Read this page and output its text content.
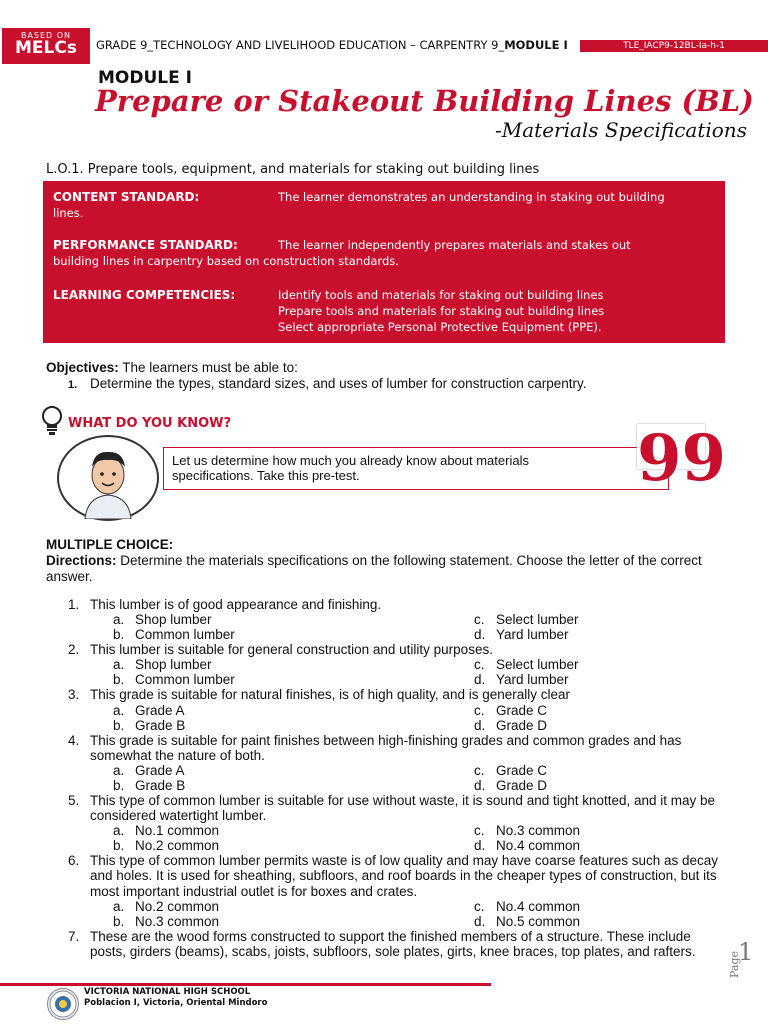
BASED ON
MELCs	GRADE 9_TECHNOLOGY AND LIVELIHOOD EDUCATION – CARPENTRY 9_MODULE I	TLE_IACP9-12BL-Ia-h-1
MODULE I
Prepare or Stakeout Building Lines (BL)
-Materials Specifications
L.O.1. Prepare tools, equipment, and materials for staking out building lines
CONTENT STANDARD:	The learner demonstrates an understanding in staking out building
lines.
PERFORMANCE STANDARD:	The learner independently prepares materials and stakes out
building lines in carpentry based on construction standards.
LEARNING COMPETENCIES:	Identify tools and materials for staking out building lines
Prepare tools and materials for staking out building lines
Select appropriate Personal Protective Equipment (PPE).
Objectives: The learners must be able to:
1. Determine the types, standard sizes, and uses of lumber for construction carpentry.
WHAT DO YOU KNOW?
Let us determine how much you already know about materials
specifications. Take this pre-test.	99
MULTIPLE CHOICE:
Directions: Determine the materials specifications on the following statement. Choose the letter of the correct answer.
1. This lumber is of good appearance and finishing.
a. Shop lumber	c. Select lumber
b. Common lumber	d. Yard lumber
2. This lumber is suitable for general construction and utility purposes.
a. Shop lumber	c. Select lumber
b. Common lumber	d. Yard lumber
3. This grade is suitable for natural finishes, is of high quality, and is generally clear
a. Grade A	c. Grade C
b. Grade B	d. Grade D
4. This grade is suitable for paint finishes between high-finishing grades and common grades and has somewhat the nature of both.
a. Grade A	c. Grade C
b. Grade B	d. Grade D
5. This type of common lumber is suitable for use without waste, it is sound and tight knotted, and it may be considered watertight lumber.
a. No.1 common	c. No.3 common
b. No.2 common	d. No.4 common
6. This type of common lumber permits waste is of low quality and may have coarse features such as decay and holes. It is used for sheathing, subfloors, and roof boards in the cheaper types of construction, but its most important industrial outlet is for boxes and crates.
a. No.2 common	c. No.4 common
b. No.3 common	d. No.5 common
7. These are the wood forms constructed to support the finished members of a structure. These include posts, girders (beams), scabs, joists, subfloors, sole plates, girts, knee braces, top plates, and rafters.	Page
1
VICTORIA NATIONAL HIGH SCHOOL
Poblacion I, Victoria, Oriental Mindoro
